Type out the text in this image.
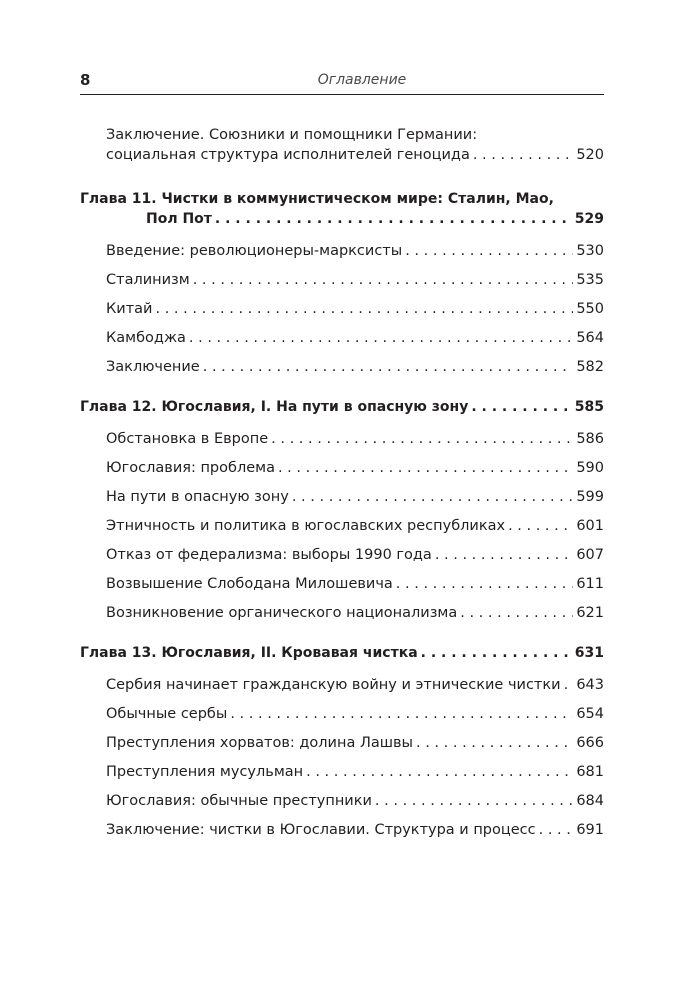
8	Оглавление
Заключение. Союзники и помощники Германии:
социальная структура исполнителей геноцида . . .	520
Глава 11. Чистки в коммунистическом мире: Сталин, Мао,
Пол Пот . . .	529
Введение: революционеры-марксисты . . .	530
Сталинизм . . .	535
Китай . . .	550
Камбоджа . . .	564
Заключение . . .	582
Глава 12. Югославия, I. На пути в опасную зону . . .	585
Обстановка в Европе . . .	586
Югославия: проблема . . .	590
На пути в опасную зону . . .	599
Этничность и политика в югославских республиках . . .	601
Отказ от федерализма: выборы 1990 года . . .	607
Возвышение Слободана Милошевича . . .	611
Возникновение органического национализма . . .	621
Глава 13. Югославия, II. Кровавая чистка . . .	631
Сербия начинает гражданскую войну и этнические чистки . . . 643
Обычные сербы . . .	654
Преступления хорватов: долина Лашвы . . .	666
Преступления мусульман . . .	681
Югославия: обычные преступники . . .	684
Заключение: чистки в Югославии. Структура и процесс . . .	691
